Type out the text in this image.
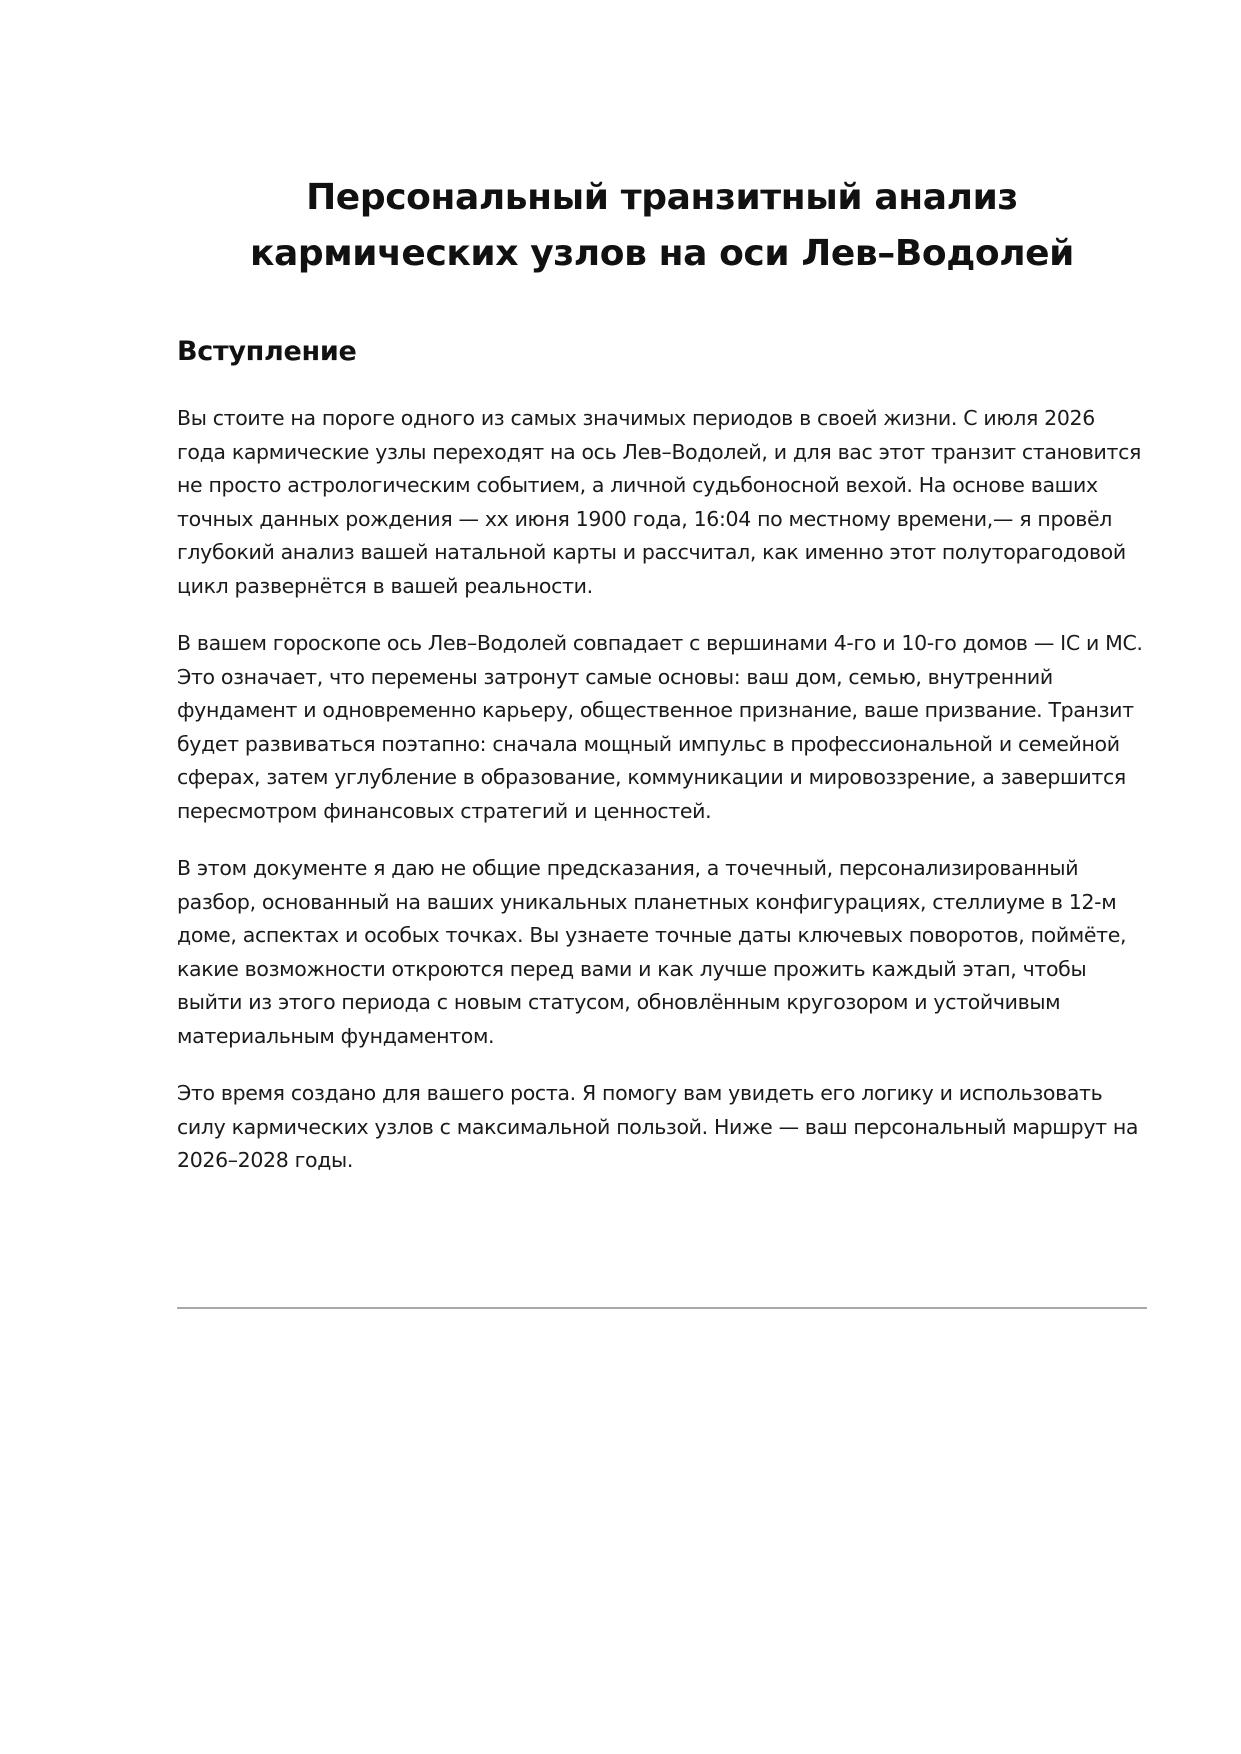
Персональный транзитный анализ
кармических узлов на оси Лев–Водолей
Вступление

Вы стоите на пороге одного из самых значимых периодов в своей жизни. С июля 2026 года кармические узлы переходят на ось Лев–Водолей, и для вас этот транзит становится не просто астрологическим событием, а личной судьбоносной вехой. На основе ваших точных данных рождения — xx июня 1900 года, 16:04 по местному времени,— я провёл глубокий анализ вашей натальной карты и рассчитал, как именно этот полуторагодовой цикл развернётся в вашей реальности.

В вашем гороскопе ось Лев–Водолей совпадает с вершинами 4-го и 10-го домов — IC и MC. Это означает, что перемены затронут самые основы: ваш дом, семью, внутренний фундамент и одновременно карьеру, общественное признание, ваше призвание. Транзит будет развиваться поэтапно: сначала мощный импульс в профессиональной и семейной сферах, затем углубление в образование, коммуникации и мировоззрение, а завершится пересмотром финансовых стратегий и ценностей.

В этом документе я даю не общие предсказания, а точечный, персонализированный разбор, основанный на ваших уникальных планетных конфигурациях, стеллиуме в 12-м доме, аспектах и особых точках. Вы узнаете точные даты ключевых поворотов, поймёте, какие возможности откроются перед вами и как лучше прожить каждый этап, чтобы выйти из этого периода с новым статусом, обновлённым кругозором и устойчивым материальным фундаментом.

Это время создано для вашего роста. Я помогу вам увидеть его логику и использовать силу кармических узлов с максимальной пользой. Ниже — ваш персональный маршрут на 2026–2028 годы.
